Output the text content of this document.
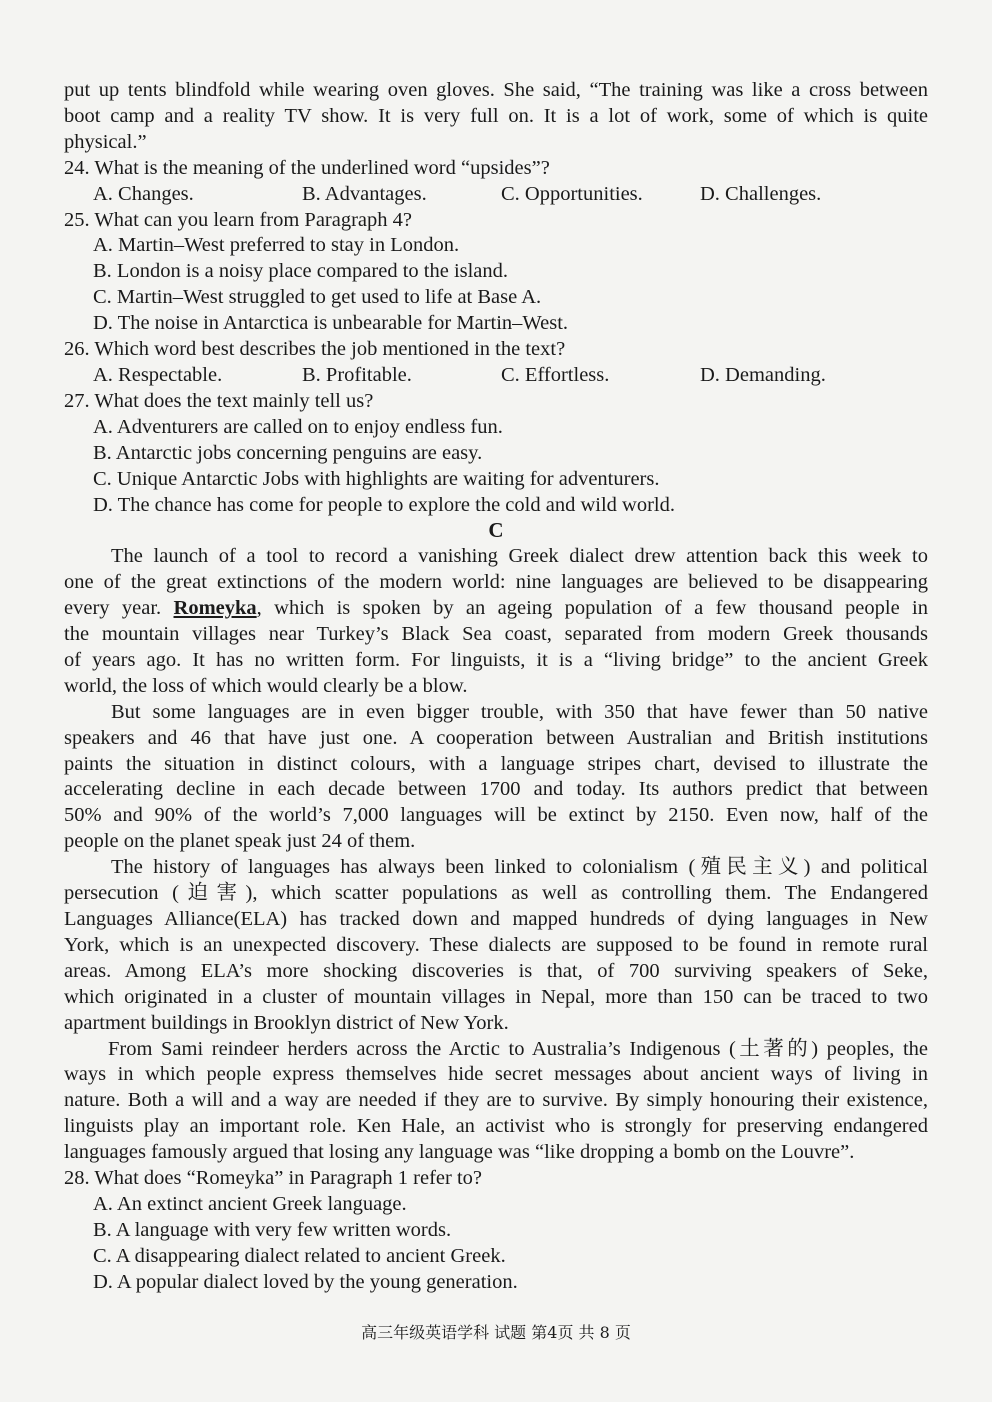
put up tents blindfold while wearing oven gloves. She said, “The training was like a cross between
boot camp and a reality TV show. It is very full on. It is a lot of work, some of which is quite
physical.”
24. What is the meaning of the underlined word “upsides”?
A. Changes.	B. Advantages.	C. Opportunities.	D. Challenges.
25. What can you learn from Paragraph 4?
A. Martin–West preferred to stay in London.
B. London is a noisy place compared to the island.
C. Martin–West struggled to get used to life at Base A.
D. The noise in Antarctica is unbearable for Martin–West.
26. Which word best describes the job mentioned in the text?
A. Respectable.	B. Profitable.	C. Effortless.	D. Demanding.
27. What does the text mainly tell us?
A. Adventurers are called on to enjoy endless fun.
B. Antarctic jobs concerning penguins are easy.
C. Unique Antarctic Jobs with highlights are waiting for adventurers.
D. The chance has come for people to explore the cold and wild world.
C
The launch of a tool to record a vanishing Greek dialect drew attention back this week to
one of the great extinctions of the modern world: nine languages are believed to be disappearing
every year. Romeyka, which is spoken by an ageing population of a few thousand people in
the mountain villages near Turkey’s Black Sea coast, separated from modern Greek thousands
of years ago. It has no written form. For linguists, it is a “living bridge” to the ancient Greek
world, the loss of which would clearly be a blow.
But some languages are in even bigger trouble, with 350 that have fewer than 50 native
speakers and 46 that have just one. A cooperation between Australian and British institutions
paints the situation in distinct colours, with a language stripes chart, devised to illustrate the
accelerating decline in each decade between 1700 and today. Its authors predict that between
50% and 90% of the world’s 7,000 languages will be extinct by 2150. Even now, half of the
people on the planet speak just 24 of them.
The history of languages has always been linked to colonialism (殖民主义) and political
persecution (迫害), which scatter populations as well as controlling them. The Endangered
Languages Alliance(ELA) has tracked down and mapped hundreds of dying languages in New
York, which is an unexpected discovery. These dialects are supposed to be found in remote rural
areas. Among ELA’s more shocking discoveries is that, of 700 surviving speakers of Seke,
which originated in a cluster of mountain villages in Nepal, more than 150 can be traced to two
apartment buildings in Brooklyn district of New York.
From Sami reindeer herders across the Arctic to Australia’s Indigenous (土著的) peoples, the
ways in which people express themselves hide secret messages about ancient ways of living in
nature. Both a will and a way are needed if they are to survive. By simply honouring their existence,
linguists play an important role. Ken Hale, an activist who is strongly for preserving endangered
languages famously argued that losing any language was “like dropping a bomb on the Louvre”.
28. What does “Romeyka” in Paragraph 1 refer to?
A. An extinct ancient Greek language.
B. A language with very few written words.
C. A disappearing dialect related to ancient Greek.
D. A popular dialect loved by the young generation.
高三年级英语学科 试题 第4页 共 8 页
